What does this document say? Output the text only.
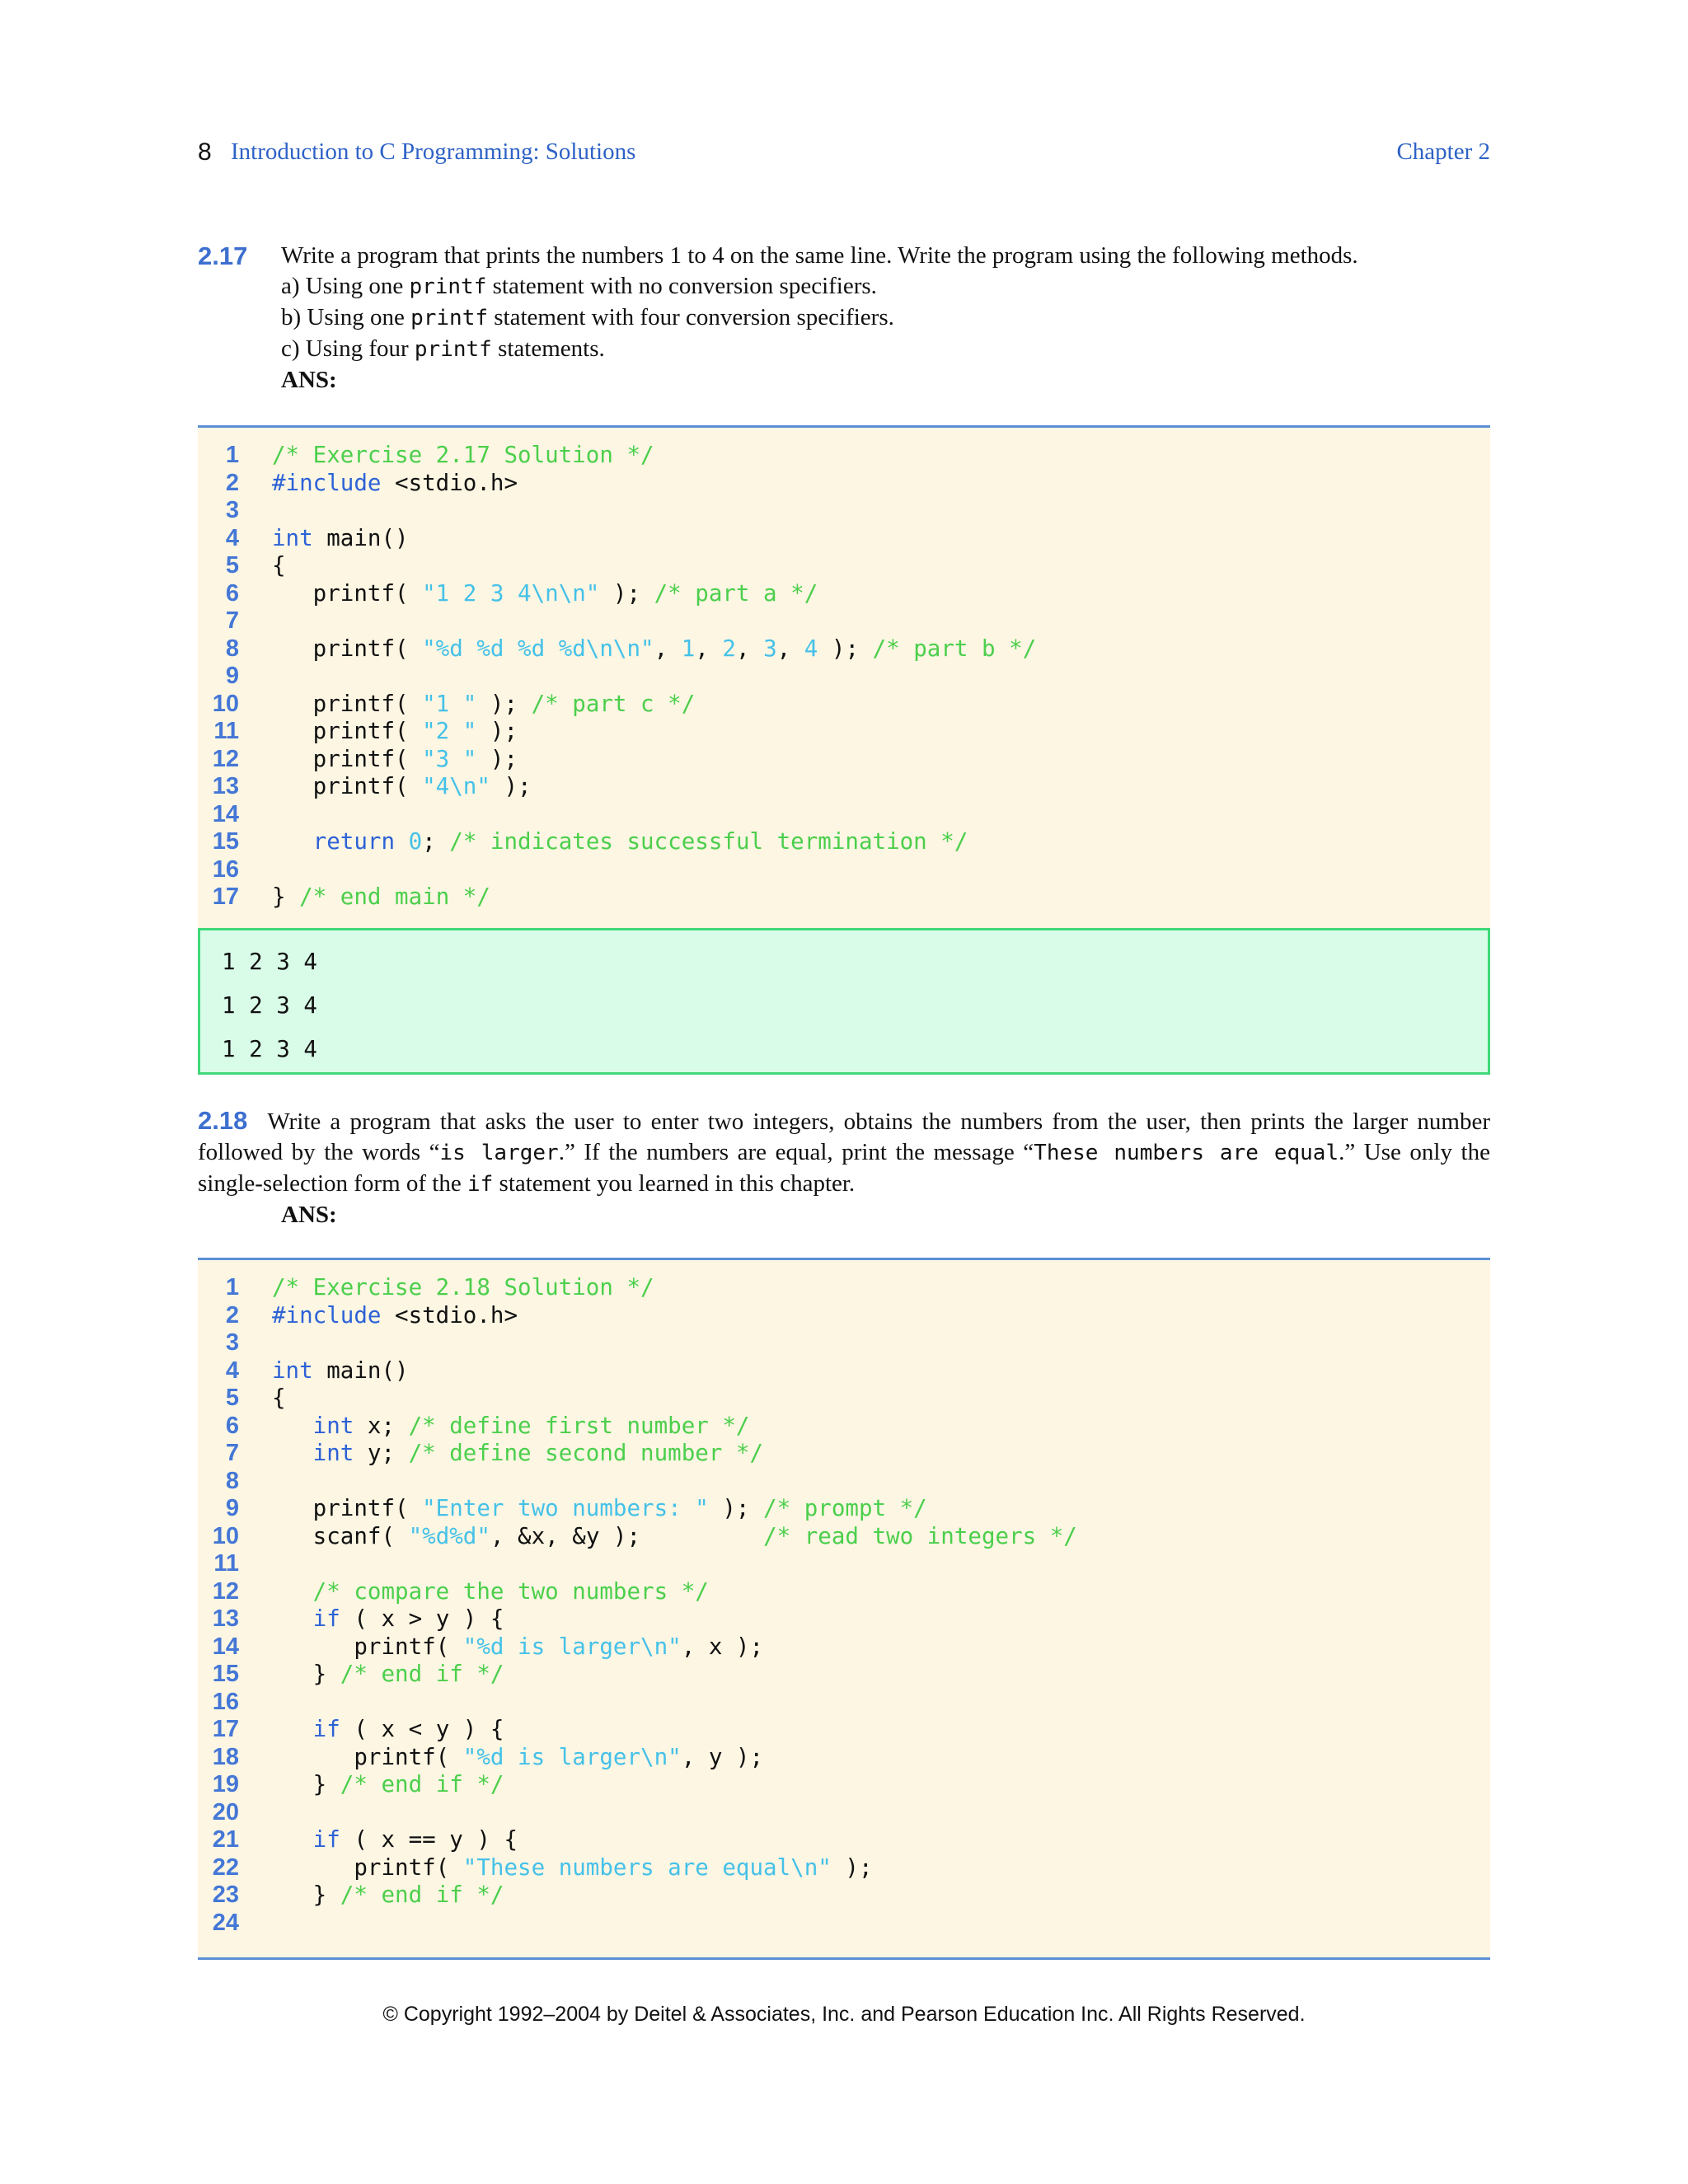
8 Introduction to C Programming: Solutions	Chapter 2
2.17 Write a program that prints the numbers 1 to 4 on the same line. Write the program using the following methods.
a) Using one printf statement with no conversion specifiers.
b) Using one printf statement with four conversion specifiers.
c) Using four printf statements.
ANS:
1 /* Exercise 2.17 Solution */
2 #include <stdio.h>
3
4 int main()
5 {
6 printf( "1 2 3 4\n\n" ); /* part a */
7
8 printf( "%d %d %d %d\n\n", 1, 2, 3, 4 ); /* part b */
9
10 printf( "1 " ); /* part c */
11 printf( "2 " );
12 printf( "3 " );
13 printf( "4\n" );
14
15	return 0; /* indicates successful termination */
16
17 } /* end main */
1 2 3 4
1 2 3 4
1 2 3 4
2.18 Write a program that asks the user to enter two integers, obtains the numbers from the user, then prints the larger number followed by the words “is larger.” If the numbers are equal, print the message “These numbers are equal.” Use only the single-selection form of the if statement you learned in this chapter.
ANS:
1 /* Exercise 2.18 Solution */
2 #include <stdio.h>
3
4 int main()
5 {
6	int x; /* define first number */
7	int y; /* define second number */
8
9 printf( "Enter two numbers: " ); /* prompt */
10 scanf( "%d%d", &x, &y );         /* read two integers */
11
12	/* compare the two numbers */
13	if ( x > y ) {
14 printf( "%d is larger\n", x );
15 } /* end if */
16
17	if ( x < y ) {
18 printf( "%d is larger\n", y );
19 } /* end if */
20
21	if ( x == y ) {
22 printf( "These numbers are equal\n" );
23 } /* end if */
24
© Copyright 1992–2004 by Deitel & Associates, Inc. and Pearson Education Inc. All Rights Reserved.
